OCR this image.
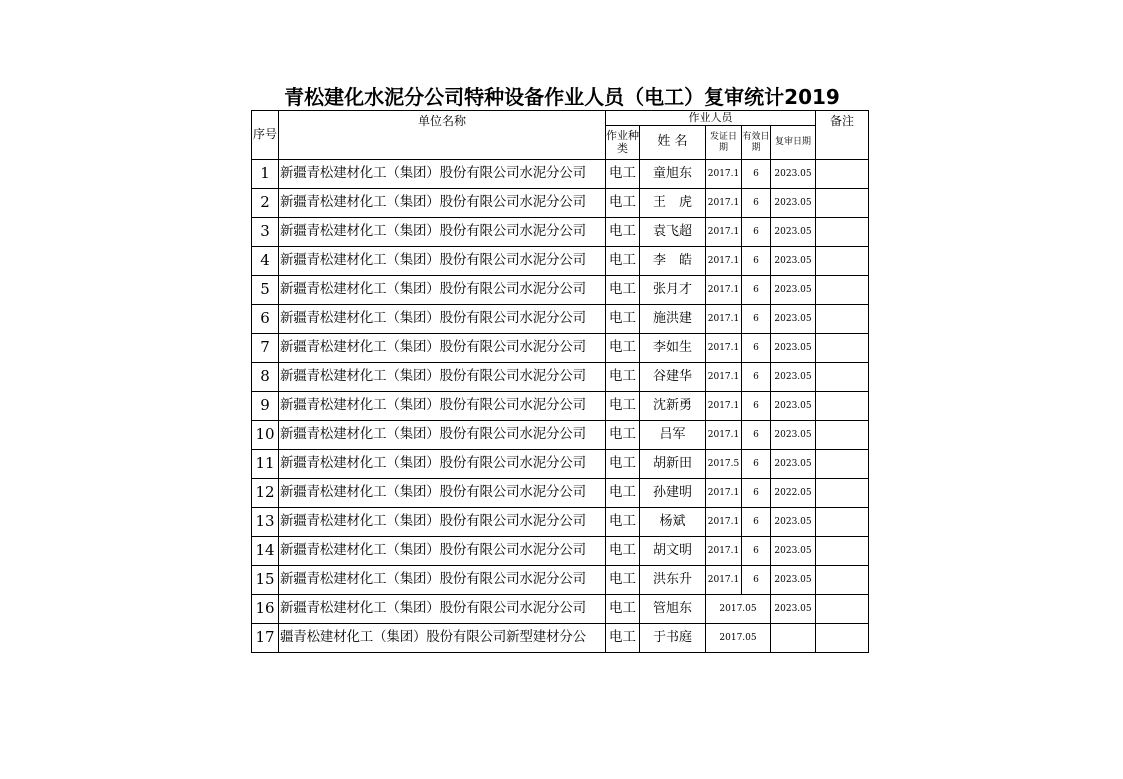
青松建化水泥分公司特种设备作业人员（电工）复审统计2019
序号	单位名称	作业人员					备注
		作业种类	姓 名	发证日期	有效日期	复审日期	
1	新疆青松建材化工（集团）股份有限公司水泥分公司	电工	童旭东	2017.1	6	2023.05	
2	新疆青松建材化工（集团）股份有限公司水泥分公司	电工	王　虎	2017.1	6	2023.05	
3	新疆青松建材化工（集团）股份有限公司水泥分公司	电工	袁飞超	2017.1	6	2023.05	
4	新疆青松建材化工（集团）股份有限公司水泥分公司	电工	李　皓	2017.1	6	2023.05	
5	新疆青松建材化工（集团）股份有限公司水泥分公司	电工	张月才	2017.1	6	2023.05	
6	新疆青松建材化工（集团）股份有限公司水泥分公司	电工	施洪建	2017.1	6	2023.05	
7	新疆青松建材化工（集团）股份有限公司水泥分公司	电工	李如生	2017.1	6	2023.05	
8	新疆青松建材化工（集团）股份有限公司水泥分公司	电工	谷建华	2017.1	6	2023.05	
9	新疆青松建材化工（集团）股份有限公司水泥分公司	电工	沈新勇	2017.1	6	2023.05	
10	新疆青松建材化工（集团）股份有限公司水泥分公司	电工	吕军	2017.1	6	2023.05	
11	新疆青松建材化工（集团）股份有限公司水泥分公司	电工	胡新田	2017.5	6	2023.05	
12	新疆青松建材化工（集团）股份有限公司水泥分公司	电工	孙建明	2017.1	6	2022.05	
13	新疆青松建材化工（集团）股份有限公司水泥分公司	电工	杨斌	2017.1	6	2023.05	
14	新疆青松建材化工（集团）股份有限公司水泥分公司	电工	胡文明	2017.1	6	2023.05	
15	新疆青松建材化工（集团）股份有限公司水泥分公司	电工	洪东升	2017.1	6	2023.05	
16	新疆青松建材化工（集团）股份有限公司水泥分公司	电工	管旭东	2017.05		2023.05	
17	疆青松建材化工（集团）股份有限公司新型建材分公	电工	于书庭	2017.05			
